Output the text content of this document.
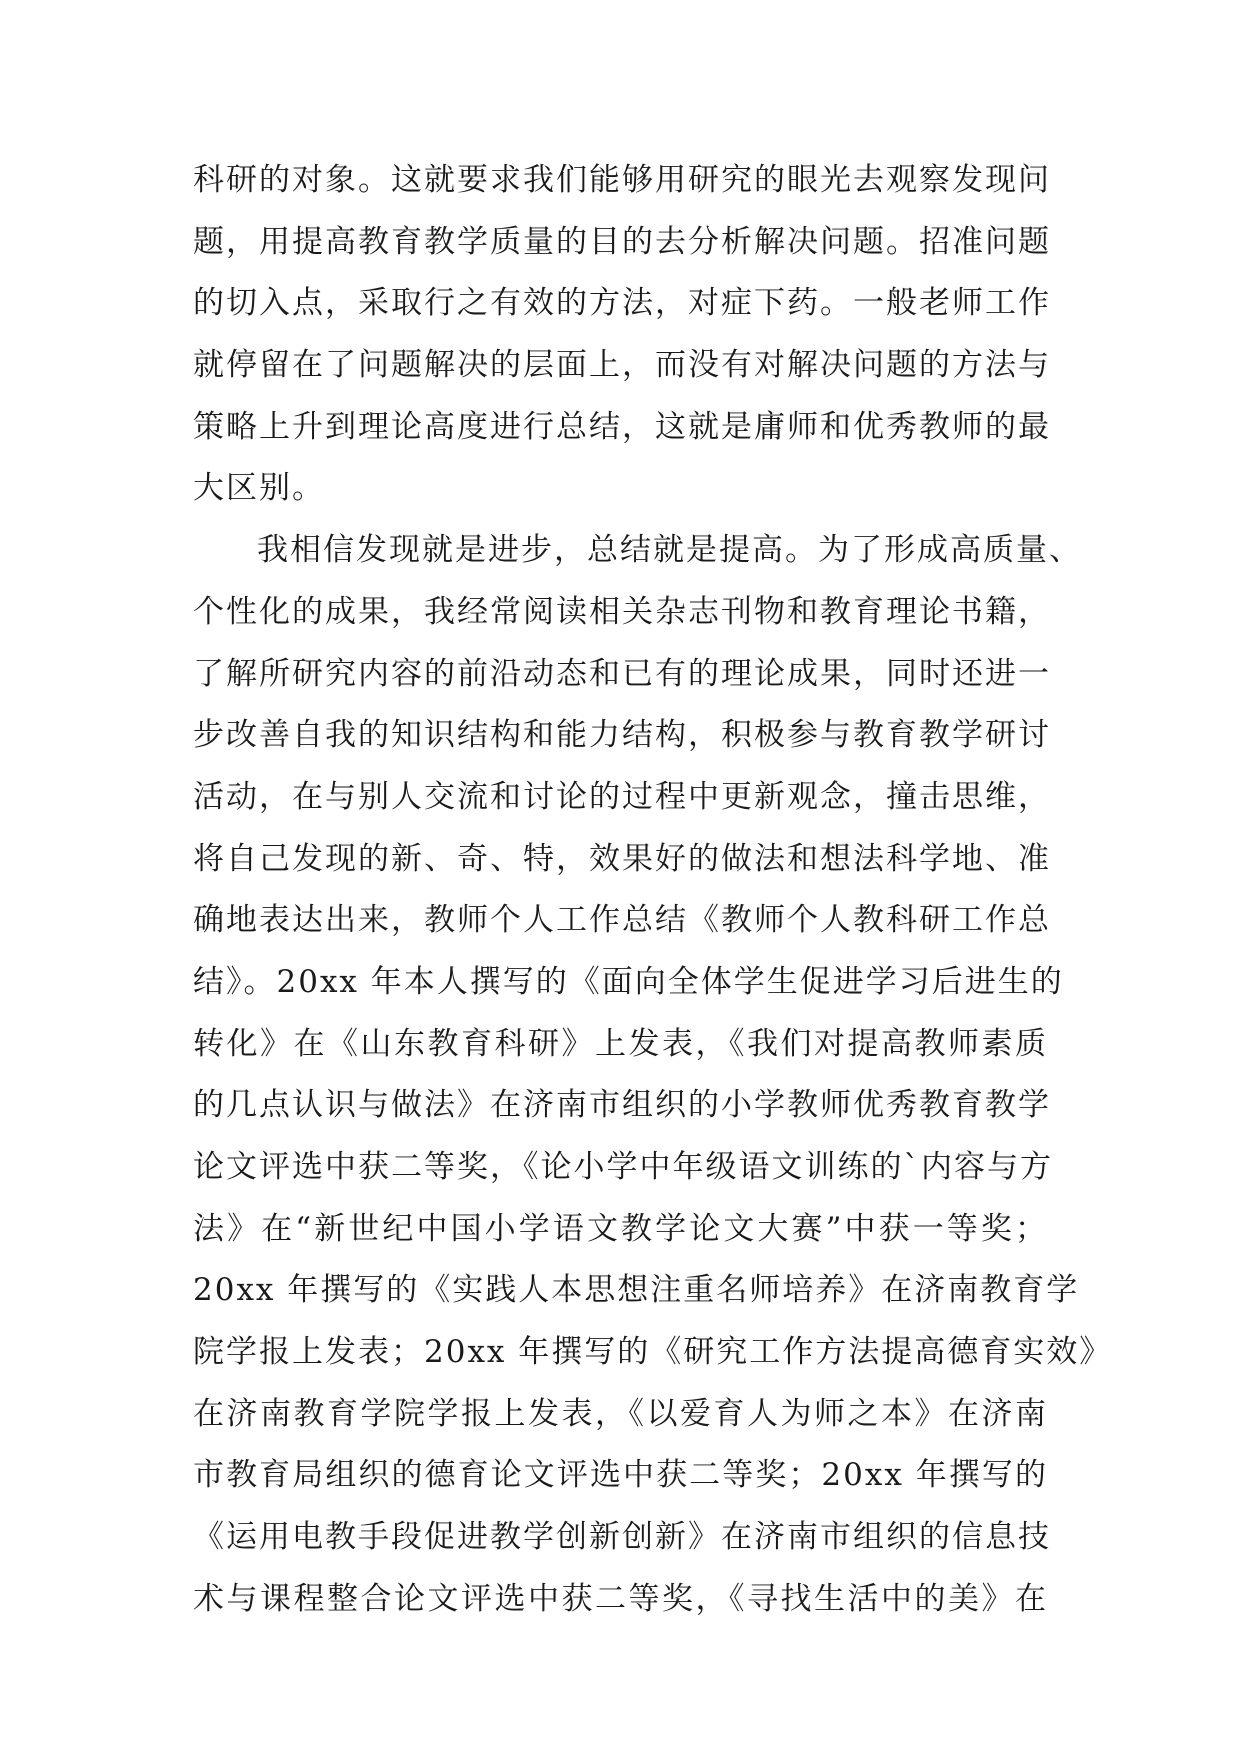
科研的对象。这就要求我们能够用研究的眼光去观察发现问
题，用提高教育教学质量的目的去分析解决问题。招准问题
的切入点，采取行之有效的方法，对症下药。一般老师工作
就停留在了问题解决的层面上，而没有对解决问题的方法与
策略上升到理论高度进行总结，这就是庸师和优秀教师的最
大区别。
我相信发现就是进步，总结就是提高。为了形成高质量、
个性化的成果，我经常阅读相关杂志刊物和教育理论书籍，
了解所研究内容的前沿动态和已有的理论成果，同时还进一
步改善自我的知识结构和能力结构，积极参与教育教学研讨
活动，在与别人交流和讨论的过程中更新观念，撞击思维，
将自己发现的新、奇、特，效果好的做法和想法科学地、准
确地表达出来，教师个人工作总结《教师个人教科研工作总
结》。20xx 年本人撰写的《面向全体学生促进学习后进生的
转化》在《山东教育科研》上发表，《我们对提高教师素质
的几点认识与做法》在济南市组织的小学教师优秀教育教学
论文评选中获二等奖，《论小学中年级语文训练的`内容与方
法》在“新世纪中国小学语文教学论文大赛”中获一等奖；
20xx 年撰写的《实践人本思想注重名师培养》在济南教育学
院学报上发表；20xx 年撰写的《研究工作方法提高德育实效》
在济南教育学院学报上发表，《以爱育人为师之本》在济南
市教育局组织的德育论文评选中获二等奖；20xx 年撰写的
《运用电教手段促进教学创新创新》在济南市组织的信息技
术与课程整合论文评选中获二等奖，《寻找生活中的美》在
